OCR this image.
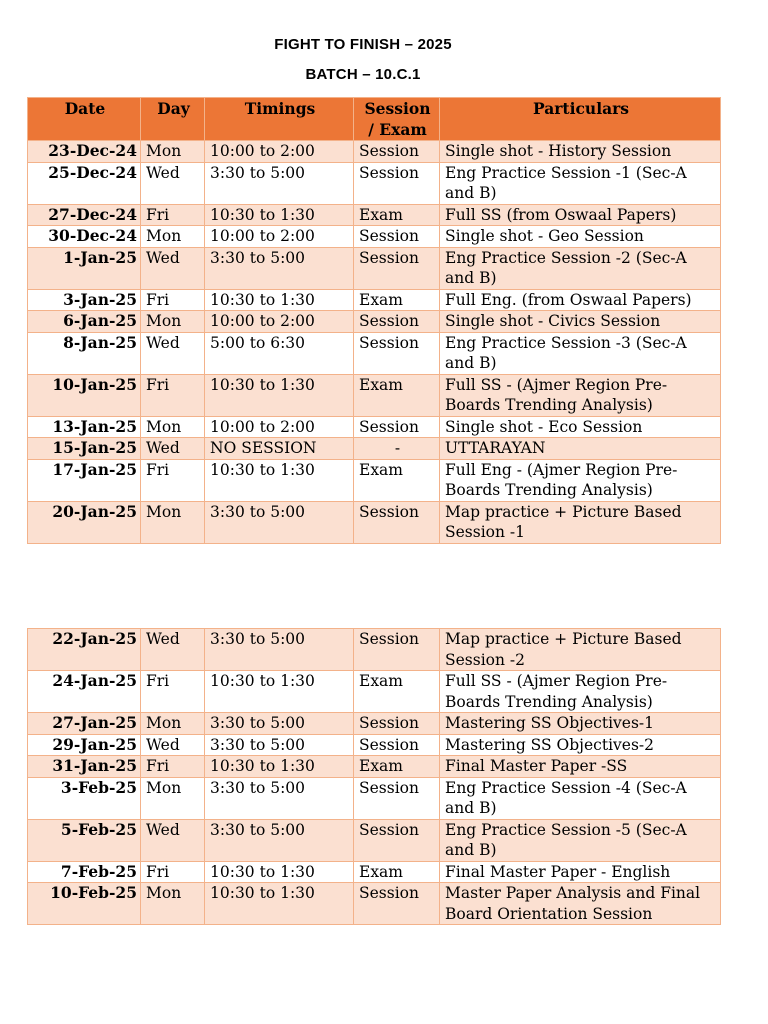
FIGHT TO FINISH – 2025
BATCH – 10.C.1
Date	Day	Timings	Session / Exam	Particulars
23-Dec-24	Mon	10:00 to 2:00	Session	Single shot - History Session
25-Dec-24	Wed	3:30 to 5:00	Session	Eng Practice Session -1 (Sec-A and B)
27-Dec-24	Fri	10:30 to 1:30	Exam	Full SS (from Oswaal Papers)
30-Dec-24	Mon	10:00 to 2:00	Session	Single shot - Geo Session
1-Jan-25	Wed	3:30 to 5:00	Session	Eng Practice Session -2 (Sec-A and B)
3-Jan-25	Fri	10:30 to 1:30	Exam	Full Eng. (from Oswaal Papers)
6-Jan-25	Mon	10:00 to 2:00	Session	Single shot - Civics Session
8-Jan-25	Wed	5:00 to 6:30	Session	Eng Practice Session -3 (Sec-A and B)
10-Jan-25	Fri	10:30 to 1:30	Exam	Full SS - (Ajmer Region Pre-Boards Trending Analysis)
13-Jan-25	Mon	10:00 to 2:00	Session	Single shot - Eco Session
15-Jan-25	Wed	NO SESSION	-	UTTARAYAN
17-Jan-25	Fri	10:30 to 1:30	Exam	Full Eng - (Ajmer Region Pre-Boards Trending Analysis)
20-Jan-25	Mon	3:30 to 5:00	Session	Map practice + Picture Based Session -1
22-Jan-25	Wed	3:30 to 5:00	Session	Map practice + Picture Based Session -2
24-Jan-25	Fri	10:30 to 1:30	Exam	Full SS - (Ajmer Region Pre-Boards Trending Analysis)
27-Jan-25	Mon	3:30 to 5:00	Session	Mastering SS Objectives-1
29-Jan-25	Wed	3:30 to 5:00	Session	Mastering SS Objectives-2
31-Jan-25	Fri	10:30 to 1:30	Exam	Final Master Paper -SS
3-Feb-25	Mon	3:30 to 5:00	Session	Eng Practice Session -4 (Sec-A and B)
5-Feb-25	Wed	3:30 to 5:00	Session	Eng Practice Session -5 (Sec-A and B)
7-Feb-25	Fri	10:30 to 1:30	Exam	Final Master Paper - English
10-Feb-25	Mon	10:30 to 1:30	Session	Master Paper Analysis and Final Board Orientation Session
